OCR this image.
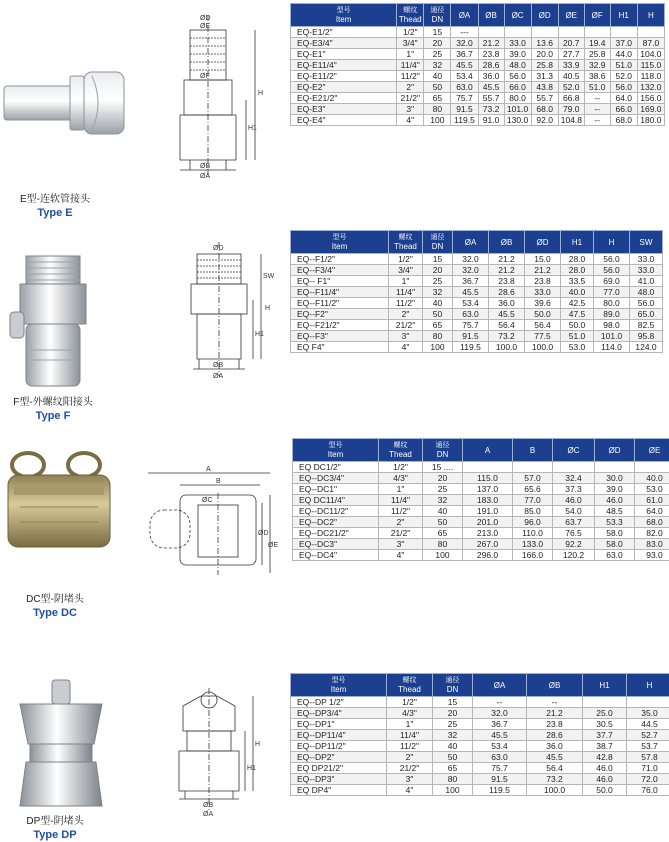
ØD
ØE
ØF
H
H1
ØB
ØA
E型-连软管接头
Type E
型号
Item	螺纹
Thead	通径
DN	ØA	ØB	ØC	ØD	ØE	ØF	H1	H
EQ-E1/2"	1/2"	15	---							
EQ-E3/4"	3/4"	20	32.0	21.2	33.0	13.6	20.7	19.4	37.0	87.0
EQ-E1"	1"	25	36.7	23.8	39.0	20.0	27.7	25.8	44.0	104.0
EQ-E11/4"	11/4"	32	45.5	28.6	48.0	25.8	33.9	32.9	51.0	115.0
EQ-E11/2"	11/2"	40	53.4	36.0	56.0	31.3	40.5	38.6	52.0	118.0
EQ-E2"	2"	50	63.0	45.5	66.0	43.8	52.0	51.0	56.0	132.0
EQ-E21/2"	21/2"	65	75.7	55.7	80.0	55.7	66.8	--	64.0	156.0
EQ-E3"	3"	80	91.5	73.2	101.0	68.0	79.0	--	66.0	169.0
EQ-E4"	4"	100	119.5	91.0	130.0	92.0	104.8	--	68.0	180.0
ØD
SW
H
H1
ØB
ØA
F型-外螺纹阳接头
Type F
型号
Item	螺纹
Thead	通径
DN	ØA	ØB	ØD	H1	H	SW
EQ--F1/2"	1/2"	15	32.0	21.2	15.0	28.0	56.0	33.0
EQ--F3/4"	3/4"	20	32.0	21.2	21.2	28.0	56.0	33.0
EQ-- F1"	1"	25	36.7	23.8	23.8	33.5	69.0	41.0
EQ--F11/4"	11/4"	32	45.5	28.6	33.0	40.0	77.0	48.0
EQ--F11/2"	11/2"	40	53.4	36.0	39.6	42.5	80.0	56.0
EQ--F2"	2"	50	63.0	45.5	50.0	47.5	89.0	65.0
EQ--F21/2"	21/2"	65	75.7	56.4	56.4	50.0	98.0	82.5
EQ--F3"	3"	80	91.5	73.2	77.5	51.0	101.0	95.8
EQ F4"	4"	100	119.5	100.0	100.0	53.0	114.0	124.0
A
B
ØC
ØD
ØE
DC型-阴堵头
Type DC
型号
Item	螺纹
Thead	通径
DN	A	B	ØC	ØD	ØE
EQ DC1/2"	1/2"	15 ....					
EQ--DC3/4"	4/3"	20	115.0	57.0	32.4	30.0	40.0
EQ--DC1"	1"	25	137.0	65.6	37.3	39.0	53.0
EQ DC11/4"	11/4"	32	183.0	77.0	46.0	46.0	61.0
EQ--DC11/2"	11/2"	40	191.0	85.0	54.0	48.5	64.0
EQ--DC2"	2"	50	201.0	96.0	63.7	53.3	68.0
EQ--DC21/2"	21/2"	65	213.0	110.0	76.5	58.0	82.0
EQ--DC3"	3"	80	267.0	133.0	92.2	58.0	83.0
EQ--DC4"	4"	100	296.0	166.0	120.2	63.0	93.0
H
H1
ØB
ØA
DP型-阴堵头
Type DP
型号
Item	螺纹
Thead	通径
DN	ØA	ØB	H1	H
EQ--DP 1/2"	1/2"	15	--	--		
EQ--DP3/4"	4/3"	20	32.0	21.2	25.0	35.0
EQ--DP1"	1"	25	36.7	23.8	30.5	44.5
EQ--DP11/4"	11/4"	32	45.5	28.6	37.7	52.7
EQ--DP11/2"	11/2"	40	53.4	36.0	38.7	53.7
EQ--DP2"	2"	50	63.0	45.5	42.8	57.8
EQ DP21/2"	21/2"	65	75.7	56.4	46.0	71.0
EQ--DP3"	3"	80	91.5	73.2	46.0	72.0
EQ DP4"	4"	100	119.5	100.0	50.0	76.0
